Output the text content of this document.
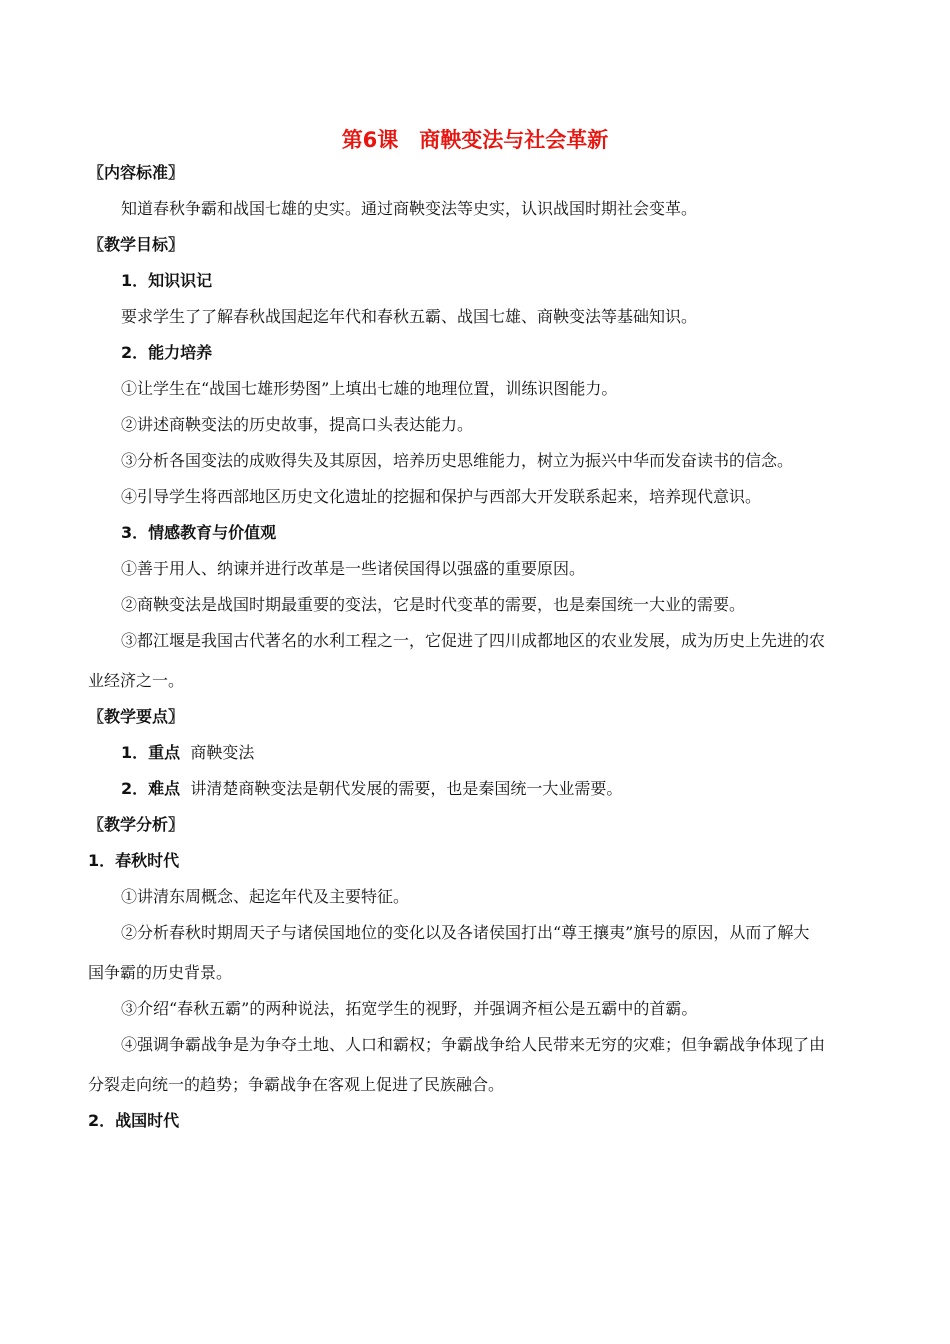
第6课　商鞅变法与社会革新
〖内容标准〗
知道春秋争霸和战国七雄的史实。通过商鞅变法等史实，认识战国时期社会变革。
〖教学目标〗
1．知识识记
要求学生了了解春秋战国起迄年代和春秋五霸、战国七雄、商鞅变法等基础知识。
2．能力培养
①让学生在“战国七雄形势图”上填出七雄的地理位置，训练识图能力。
②讲述商鞅变法的历史故事，提高口头表达能力。
③分析各国变法的成败得失及其原因，培养历史思维能力，树立为振兴中华而发奋读书的信念。
④引导学生将西部地区历史文化遗址的挖掘和保护与西部大开发联系起来，培养现代意识。
3．情感教育与价值观
①善于用人、纳谏并进行改革是一些诸侯国得以强盛的重要原因。
②商鞅变法是战国时期最重要的变法，它是时代变革的需要，也是秦国统一大业的需要。
③都江堰是我国古代著名的水利工程之一，它促进了四川成都地区的农业发展，成为历史上先进的农
业经济之一。
〖教学要点〗
1．重点 商鞅变法
2．难点 讲清楚商鞅变法是朝代发展的需要，也是秦国统一大业需要。
〖教学分析〗
1．春秋时代
①讲清东周概念、起迄年代及主要特征。
②分析春秋时期周天子与诸侯国地位的变化以及各诸侯国打出“尊王攘夷”旗号的原因，从而了解大
国争霸的历史背景。
③介绍“春秋五霸”的两种说法，拓宽学生的视野，并强调齐桓公是五霸中的首霸。
④强调争霸战争是为争夺土地、人口和霸权；争霸战争给人民带来无穷的灾难；但争霸战争体现了由
分裂走向统一的趋势；争霸战争在客观上促进了民族融合。
2．战国时代
